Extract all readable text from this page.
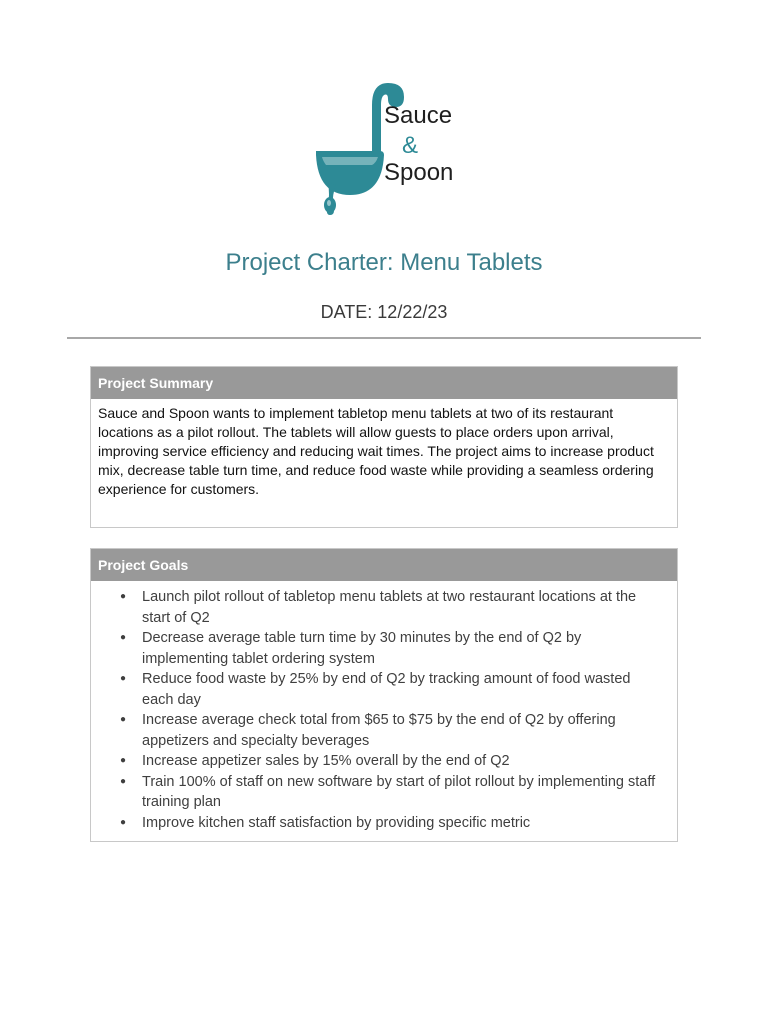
Sauce
&
Spoon
Project Charter: Menu Tablets
DATE: 12/22/23
Project Summary
Sauce and Spoon wants to implement tabletop menu tablets at two of its restaurant locations as a pilot rollout. The tablets will allow guests to place orders upon arrival, improving service efficiency and reducing wait times. The project aims to increase product mix, decrease table turn time, and reduce food waste while providing a seamless ordering experience for customers.
Project Goals
● Launch pilot rollout of tabletop menu tablets at two restaurant locations at the start of Q2
● Decrease average table turn time by 30 minutes by the end of Q2 by implementing tablet ordering system
● Reduce food waste by 25% by end of Q2 by tracking amount of food wasted each day
● Increase average check total from $65 to $75 by the end of Q2 by offering appetizers and specialty beverages
● Increase appetizer sales by 15% overall by the end of Q2
● Train 100% of staff on new software by start of pilot rollout by implementing staff training plan
● Improve kitchen staff satisfaction by providing specific metric
